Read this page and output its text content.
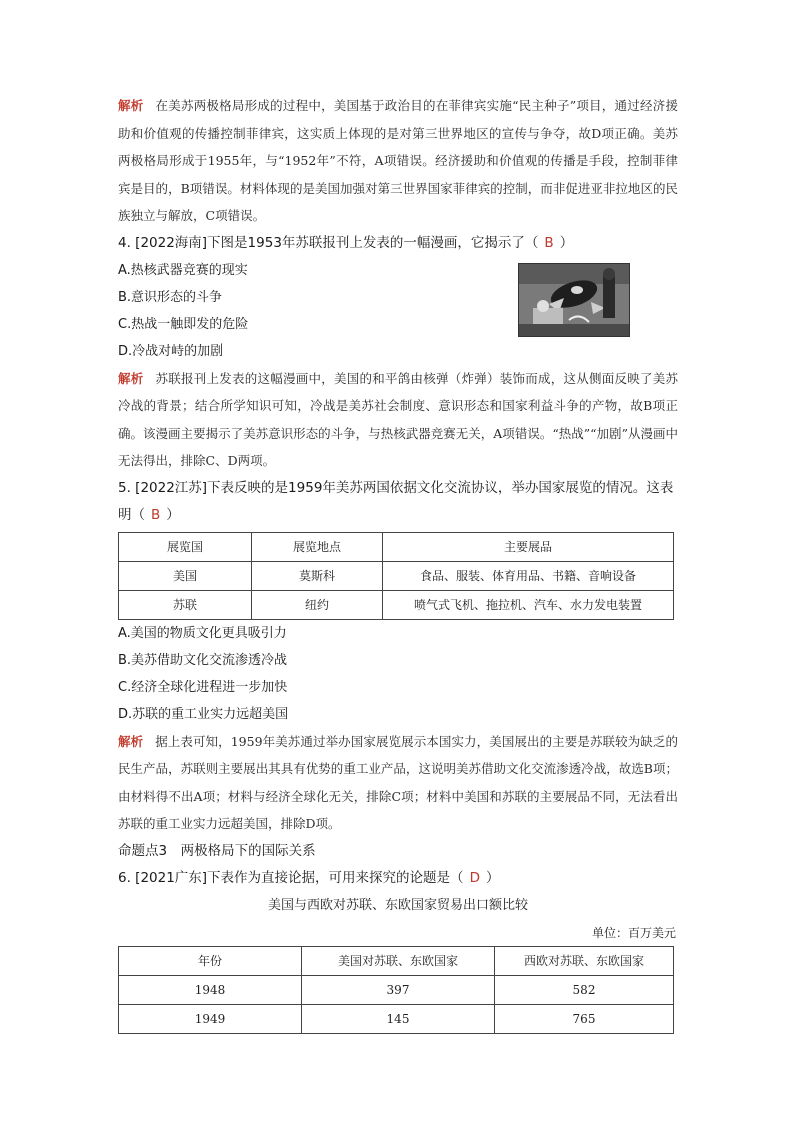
解析 在美苏两极格局形成的过程中，美国基于政治目的在菲律宾实施“民主种子”项目，通过经济援助和价值观的传播控制菲律宾，这实质上体现的是对第三世界地区的宣传与争夺，故D项正确。美苏两极格局形成于1955年，与“1952年”不符，A项错误。经济援助和价值观的传播是手段，控制菲律宾是目的，B项错误。材料体现的是美国加强对第三世界国家菲律宾的控制，而非促进亚非拉地区的民族独立与解放，C项错误。
4. [2022海南]下图是1953年苏联报刊上发表的一幅漫画，它揭示了（ B ）
A.热核武器竞赛的现实
B.意识形态的斗争
C.热战一触即发的危险
D.冷战对峙的加剧
解析 苏联报刊上发表的这幅漫画中，美国的和平鸽由核弹（炸弹）装饰而成，这从侧面反映了美苏冷战的背景；结合所学知识可知，冷战是美苏社会制度、意识形态和国家利益斗争的产物，故B项正确。该漫画主要揭示了美苏意识形态的斗争，与热核武器竞赛无关，A项错误。“热战”“加剧”从漫画中无法得出，排除C、D两项。
5. [2022江苏]下表反映的是1959年美苏两国依据文化交流协议，举办国家展览的情况。这表明（ B ）
展览国	展览地点	主要展品
美国	莫斯科	食品、服装、体育用品、书籍、音响设备
苏联	纽约	喷气式飞机、拖拉机、汽车、水力发电装置
A.美国的物质文化更具吸引力
B.美苏借助文化交流渗透冷战
C.经济全球化进程进一步加快
D.苏联的重工业实力远超美国
解析 据上表可知，1959年美苏通过举办国家展览展示本国实力，美国展出的主要是苏联较为缺乏的民生产品，苏联则主要展出其具有优势的重工业产品，这说明美苏借助文化交流渗透冷战，故选B项；由材料得不出A项；材料与经济全球化无关，排除C项；材料中美国和苏联的主要展品不同，无法看出苏联的重工业实力远超美国，排除D项。
命题点3　两极格局下的国际关系
6. [2021广东]下表作为直接论据，可用来探究的论题是（ D ）
美国与西欧对苏联、东欧国家贸易出口额比较
单位：百万美元
年份	美国对苏联、东欧国家	西欧对苏联、东欧国家
1948	397	582
1949	145	765
